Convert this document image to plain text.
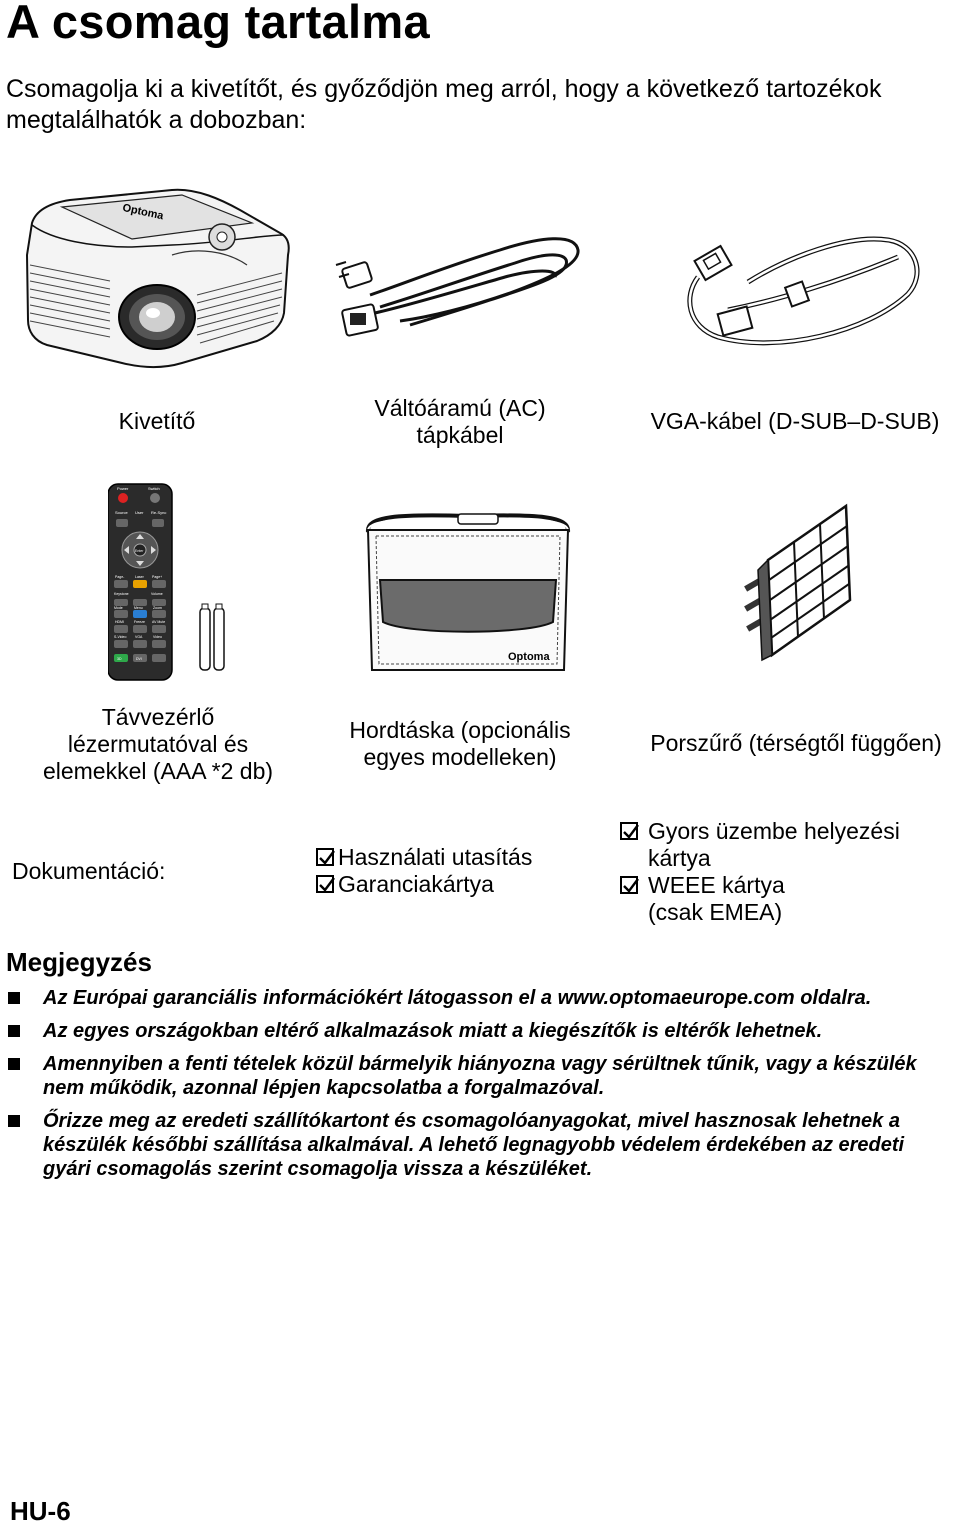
A csomag tartalma
Csomagolja ki a kivetítőt, és győződjön meg arról, hogy a következő tartozékok megtalálhatók a dobozban:
Optoma
Kivetítő	Váltóáramú (AC)
tápkábel
VGA-kábel (D-SUB–D-SUB)
Power	Switch
Source User Re-Sync
Enter
Page-	Laser Page+
Keystone	Volume
Mode	Menu	Zoom
HDMI	Freeze AV Mute
S-Video VGA	Video
3D	DVI	Optoma
Távvezérlő
lézermutatóval és
elemekkel (AAA *2 db)
Hordtáska (opcionális
egyes modelleken)
Porszűrő (térségtől függően)
Dokumentáció:
Használati utasítás
Garanciakártya
Gyors üzembe helyezési
kártya
WEEE kártya
(csak EMEA)
Megjegyzés
Az Európai garanciális információkért látogasson el a www.optomaeurope.com oldalra.
Az egyes országokban eltérő alkalmazások miatt a kiegészítők is eltérők lehetnek.
Amennyiben a fenti tételek közül bármelyik hiányozna vagy sérültnek tűnik, vagy a készülék nem működik, azonnal lépjen kapcsolatba a forgalmazóval.
Őrizze meg az eredeti szállítókartont és csomagolóanyagokat, mivel hasznosak lehetnek a készülék későbbi szállítása alkalmával. A lehető legnagyobb védelem érdekében az eredeti gyári csomagolás szerint csomagolja vissza a készüléket.
HU-6
